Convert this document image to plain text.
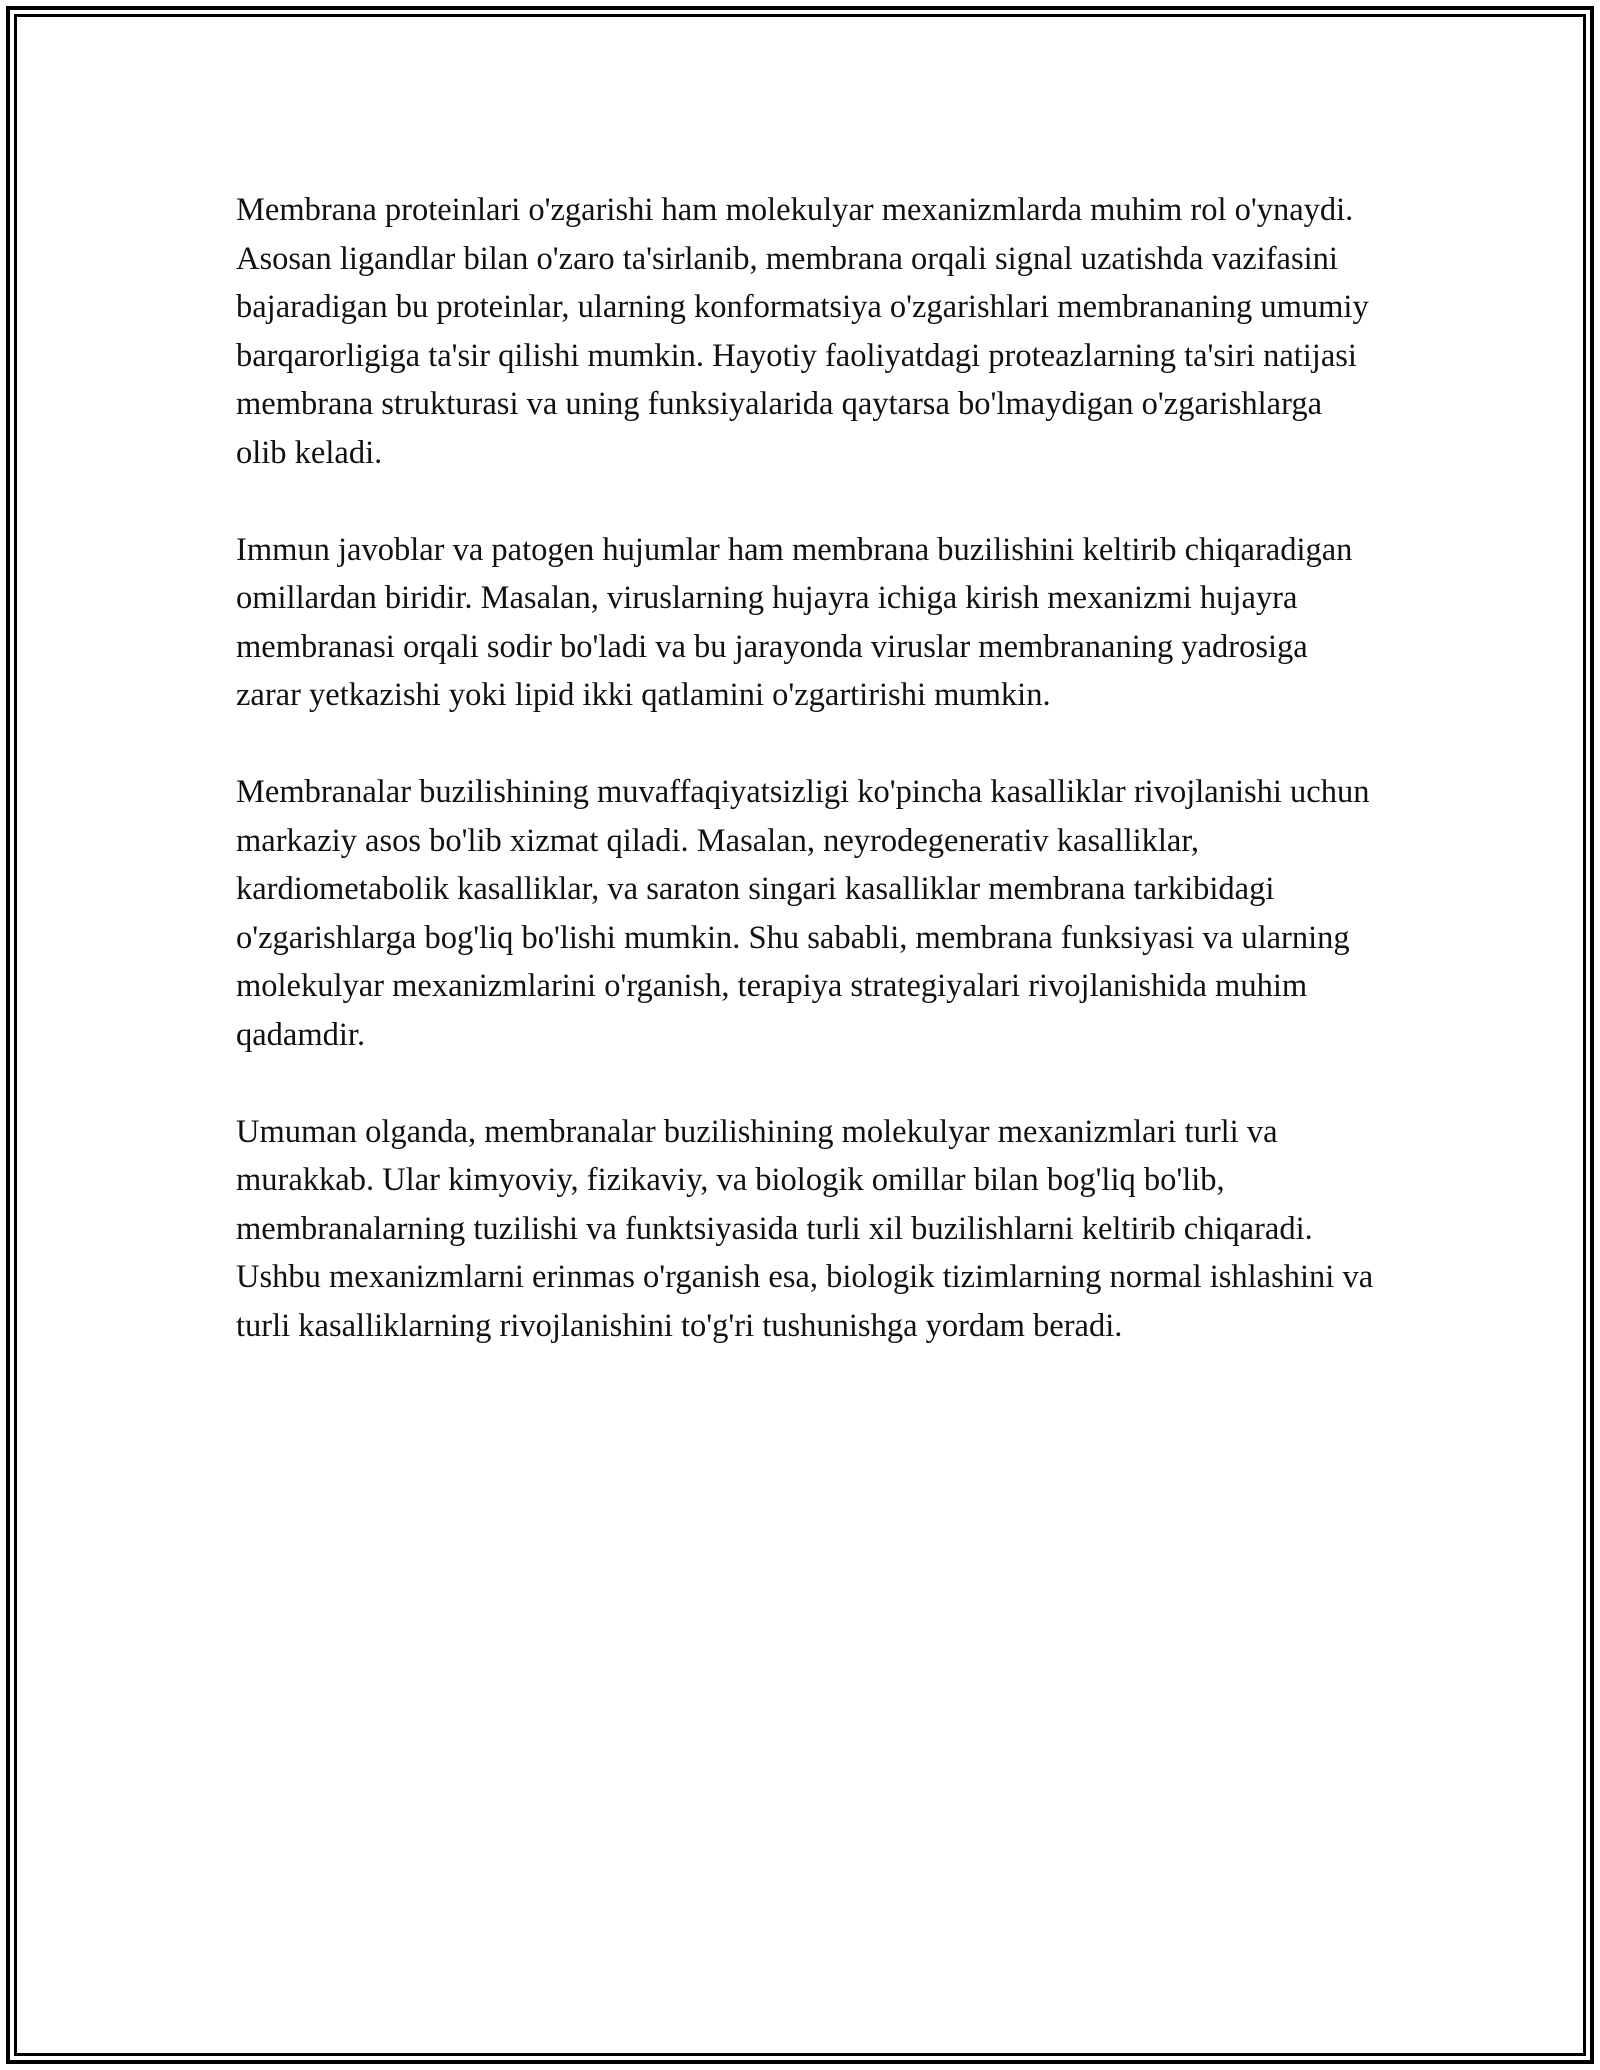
Membrana proteinlari o'zgarishi ham molekulyar mexanizmlarda muhim rol o'ynaydi. Asosan ligandlar bilan o'zaro ta'sirlanib, membrana orqali signal uzatishda vazifasini bajaradigan bu proteinlar, ularning konformatsiya o'zgarishlari membrananing umumiy barqarorligiga ta'sir qilishi mumkin. Hayotiy faoliyatdagi proteazlarning ta'siri natijasi membrana strukturasi va uning funksiyalarida qaytarsa bo'lmaydigan o'zgarishlarga olib keladi.

Immun javoblar va patogen hujumlar ham membrana buzilishini keltirib chiqaradigan omillardan biridir. Masalan, viruslarning hujayra ichiga kirish mexanizmi hujayra membranasi orqali sodir bo'ladi va bu jarayonda viruslar membrananing yadrosiga zarar yetkazishi yoki lipid ikki qatlamini o'zgartirishi mumkin.

Membranalar buzilishining muvaffaqiyatsizligi ko'pincha kasalliklar rivojlanishi uchun markaziy asos bo'lib xizmat qiladi. Masalan, neyrodegenerativ kasalliklar, kardiometabolik kasalliklar, va saraton singari kasalliklar membrana tarkibidagi o'zgarishlarga bog'liq bo'lishi mumkin. Shu sababli, membrana funksiyasi va ularning molekulyar mexanizmlarini o'rganish, terapiya strategiyalari rivojlanishida muhim qadamdir.

Umuman olganda, membranalar buzilishining molekulyar mexanizmlari turli va murakkab. Ular kimyoviy, fizikaviy, va biologik omillar bilan bog'liq bo'lib, membranalarning tuzilishi va funktsiyasida turli xil buzilishlarni keltirib chiqaradi. Ushbu mexanizmlarni erinmas o'rganish esa, biologik tizimlarning normal ishlashini va turli kasalliklarning rivojlanishini to'g'ri tushunishga yordam beradi.
